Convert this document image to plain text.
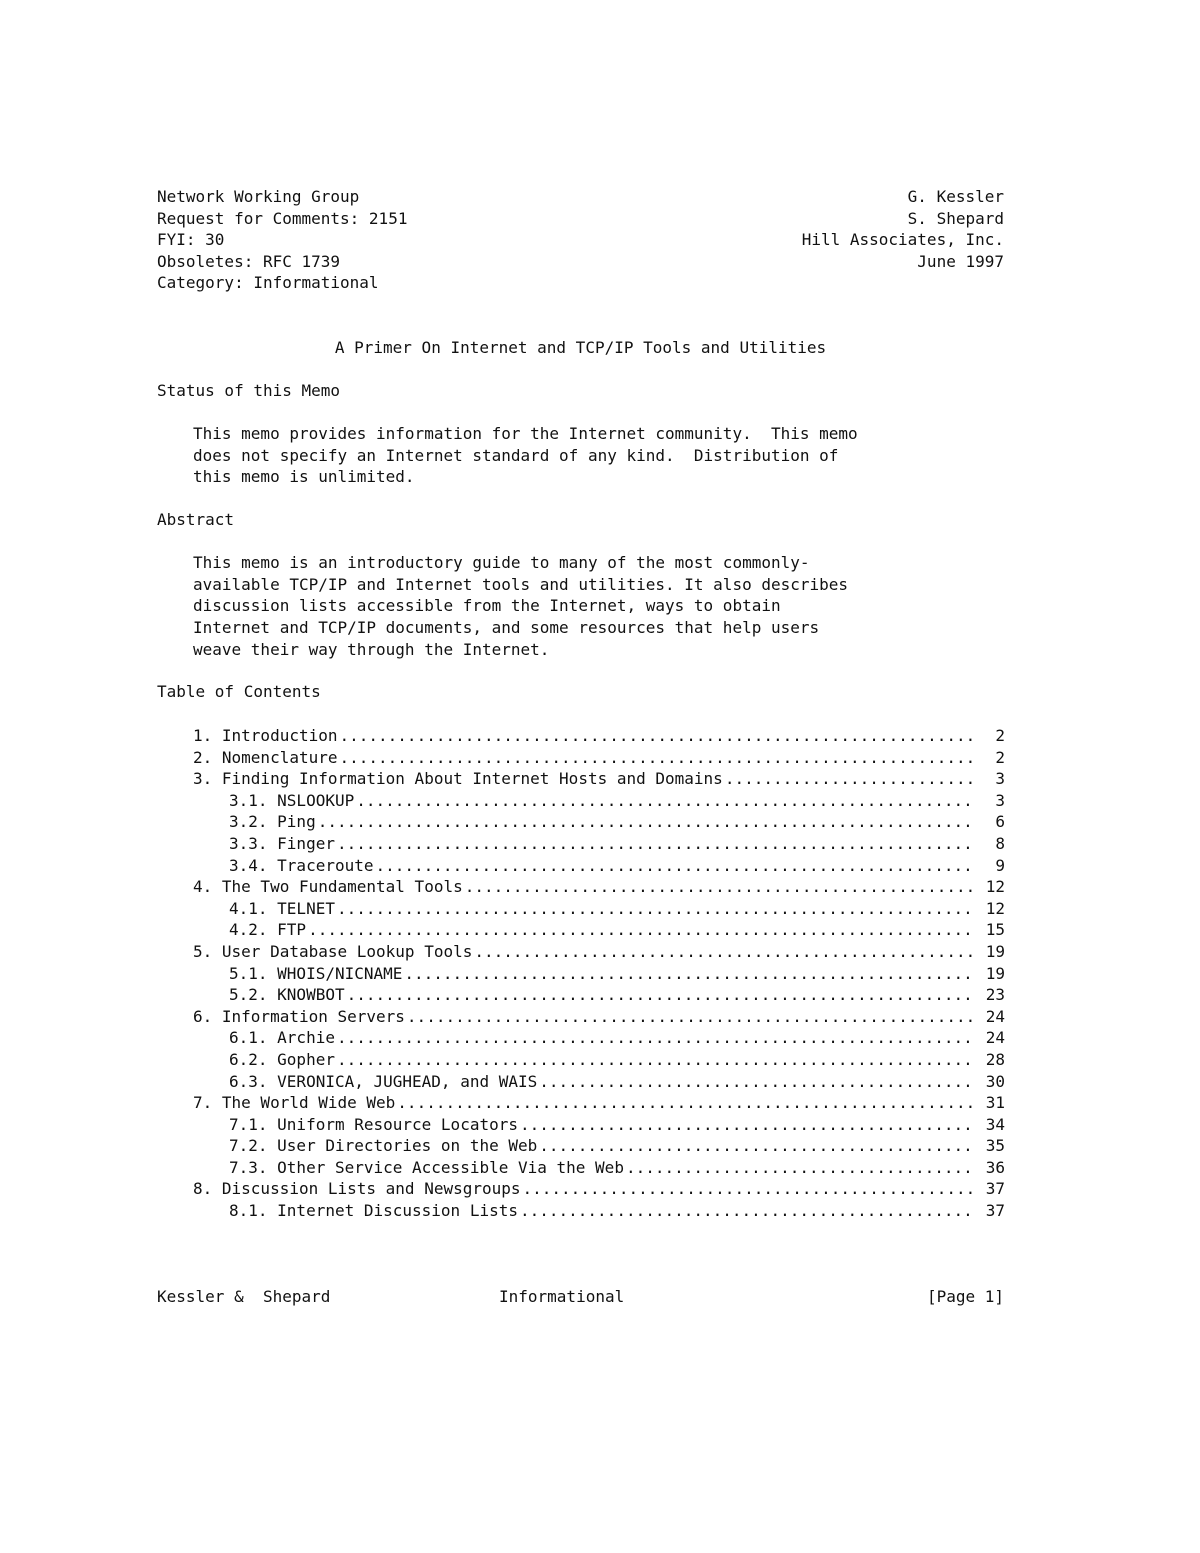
Network Working Group
Request for Comments: 2151
FYI: 30
Obsoletes: RFC 1739
Category: Informational
G. Kessler
S. Shepard
Hill Associates, Inc.
June 1997
A Primer On Internet and TCP/IP Tools and Utilities
Status of this Memo
This memo provides information for the Internet community.  This memo
does not specify an Internet standard of any kind.  Distribution of
this memo is unlimited.
Abstract
This memo is an introductory guide to many of the most commonly-
available TCP/IP and Internet tools and utilities. It also describes
discussion lists accessible from the Internet, ways to obtain
Internet and TCP/IP documents, and some resources that help users
weave their way through the Internet.
Table of Contents
1. Introduction .....	2
2. Nomenclature .....	2
3. Finding Information About Internet Hosts and Domains .....	3
3.1. NSLOOKUP .....	3
3.2. Ping .....	6
3.3. Finger .....	8
3.4. Traceroute .....	9
4. The Two Fundamental Tools .....	12
4.1. TELNET .....	12
4.2. FTP .....	15
5. User Database Lookup Tools .....	19
5.1. WHOIS/NICNAME .....	19
5.2. KNOWBOT .....	23
6. Information Servers .....	24
6.1. Archie .....	24
6.2. Gopher .....	28
6.3. VERONICA, JUGHEAD, and WAIS .....	30
7. The World Wide Web .....	31
7.1. Uniform Resource Locators .....	34
7.2. User Directories on the Web .....	35
7.3. Other Service Accessible Via the Web .....	36
8. Discussion Lists and Newsgroups .....	37
8.1. Internet Discussion Lists .....	37
Kessler &  Shepard	Informational	[Page 1]
